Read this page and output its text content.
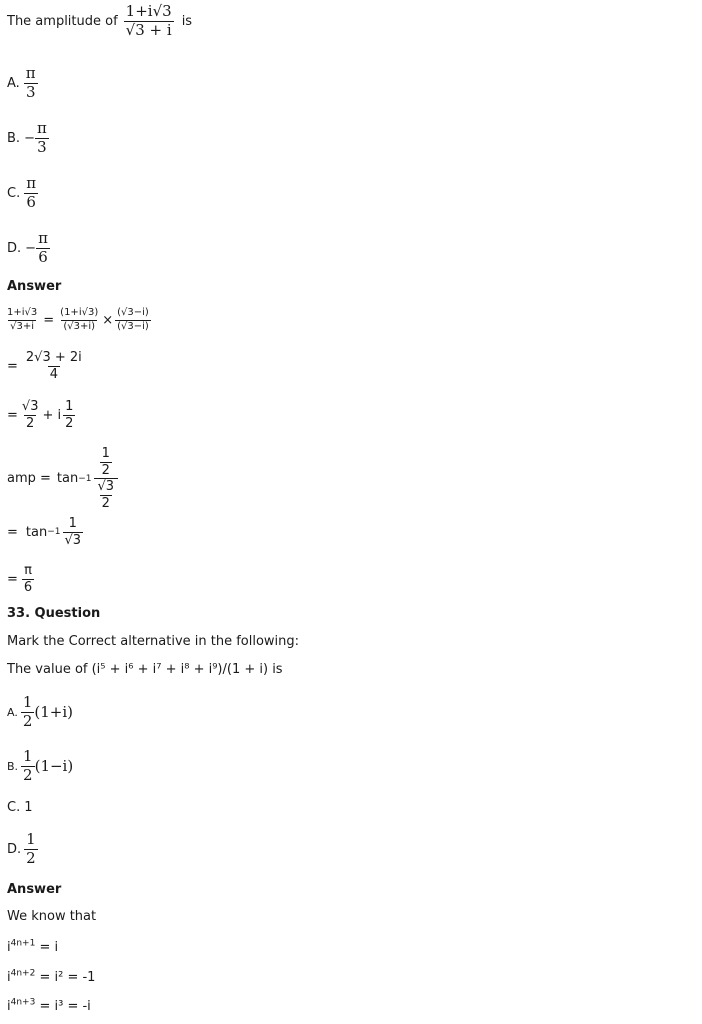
The amplitude of $\frac{1+i√3}{√3 + i}$ is
A. $\frac{\pi}{3}$
B. − $\frac{\pi}{3}$
C. $\frac{\pi}{6}$
D. − $\frac{\pi}{6}$
Answer
$\frac{1+i√3}{√3+i} = \frac{(1+i√3)}{(√3+i)} \times \frac{(√3-i)}{(√3-i)}$
= $\frac{2√3 + 2i}{4}$
= $\frac{√3}{2} + i \frac{1}{2}$
amp = $\tan -1 \frac{\frac{1}{2}}{\frac{√3}{2}}$
= $\tan -1 \frac{1}{√3}$
= $\frac{\pi}{6}$
33. Question
Mark the Correct alternative in the following:
The value of (i⁵ + i⁶ + i⁷ + i⁸ + i⁹)/(1 + i) is
A. $\frac{1}{2} (1+i)$
B. $\frac{1}{2} (1-i)$
C. 1
D. $\frac{1}{2}$
Answer
We know that
$i^{4n+1} = i$
$i^{4n+2} = i^2 = -1$
$i^{4n+3} = i^3 = -i$
